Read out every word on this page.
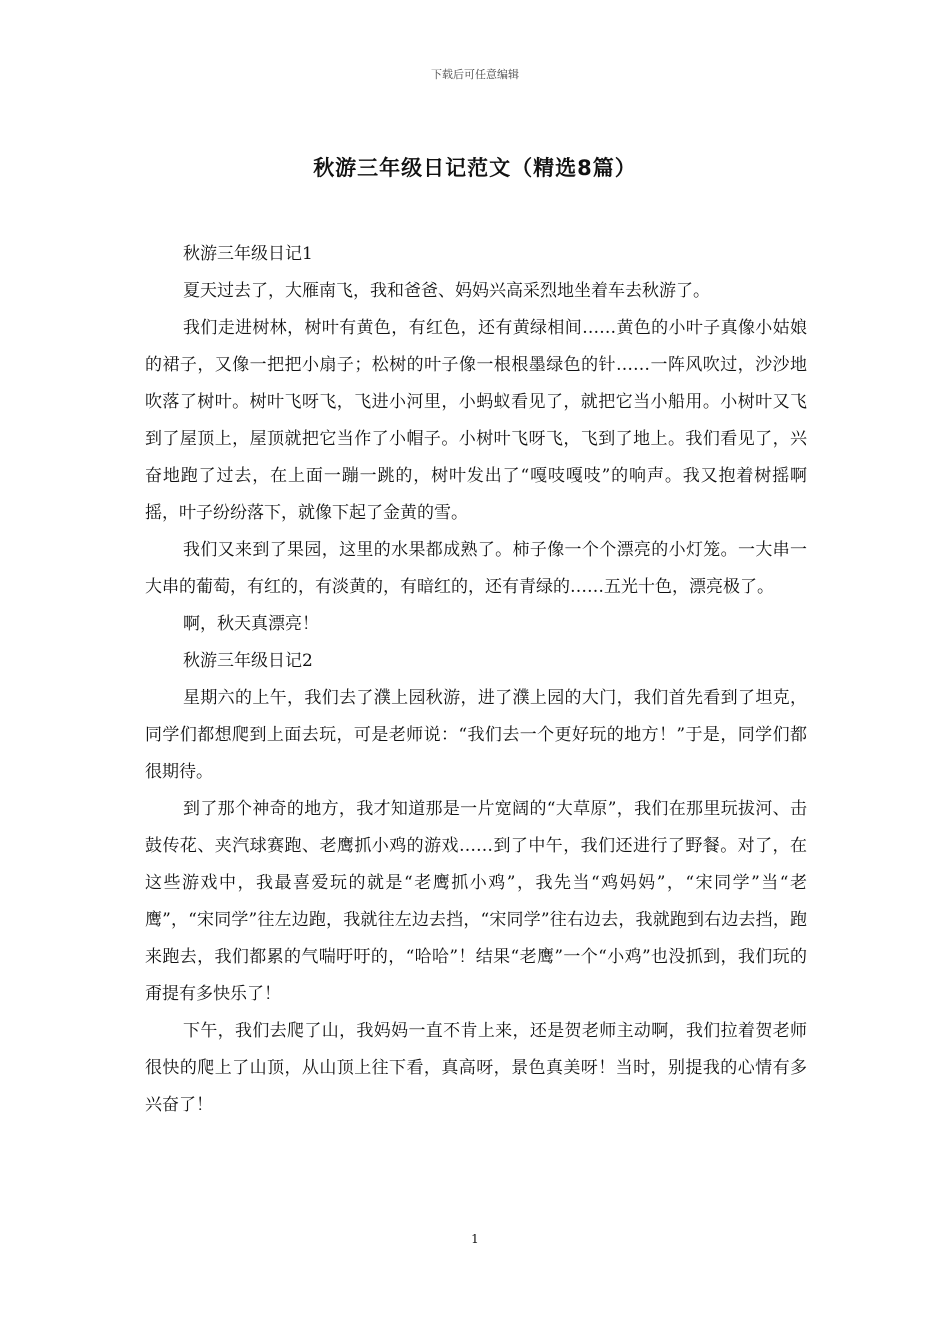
下载后可任意编辑
秋游三年级日记范文（精选8篇）

秋游三年级日记1

夏天过去了，大雁南飞，我和爸爸、妈妈兴高采烈地坐着车去秋游了。

我们走进树林，树叶有黄色，有红色，还有黄绿相间……黄色的小叶子真像小姑娘的裙子，又像一把把小扇子；松树的叶子像一根根墨绿色的针……一阵风吹过，沙沙地吹落了树叶。树叶飞呀飞，飞进小河里，小蚂蚁看见了，就把它当小船用。小树叶又飞到了屋顶上，屋顶就把它当作了小帽子。小树叶飞呀飞，飞到了地上。我们看见了，兴奋地跑了过去，在上面一蹦一跳的，树叶发出了“嘎吱嘎吱”的响声。我又抱着树摇啊摇，叶子纷纷落下，就像下起了金黄的雪。

我们又来到了果园，这里的水果都成熟了。柿子像一个个漂亮的小灯笼。一大串一大串的葡萄，有红的，有淡黄的，有暗红的，还有青绿的……五光十色，漂亮极了。

啊，秋天真漂亮！

秋游三年级日记2

星期六的上午，我们去了濮上园秋游，进了濮上园的大门，我们首先看到了坦克，同学们都想爬到上面去玩，可是老师说：“我们去一个更好玩的地方！”于是，同学们都很期待。

到了那个神奇的地方，我才知道那是一片宽阔的“大草原”，我们在那里玩拔河、击鼓传花、夹汽球赛跑、老鹰抓小鸡的游戏……到了中午，我们还进行了野餐。对了，在这些游戏中，我最喜爱玩的就是“老鹰抓小鸡”，我先当“鸡妈妈”，“宋同学”当“老鹰”，“宋同学”往左边跑，我就往左边去挡，“宋同学”往右边去，我就跑到右边去挡，跑来跑去，我们都累的气喘吁吁的，“哈哈”！结果“老鹰”一个“小鸡”也没抓到，我们玩的甭提有多快乐了！

下午，我们去爬了山，我妈妈一直不肯上来，还是贺老师主动啊，我们拉着贺老师很快的爬上了山顶，从山顶上往下看，真高呀，景色真美呀！当时，别提我的心情有多兴奋了！

1
